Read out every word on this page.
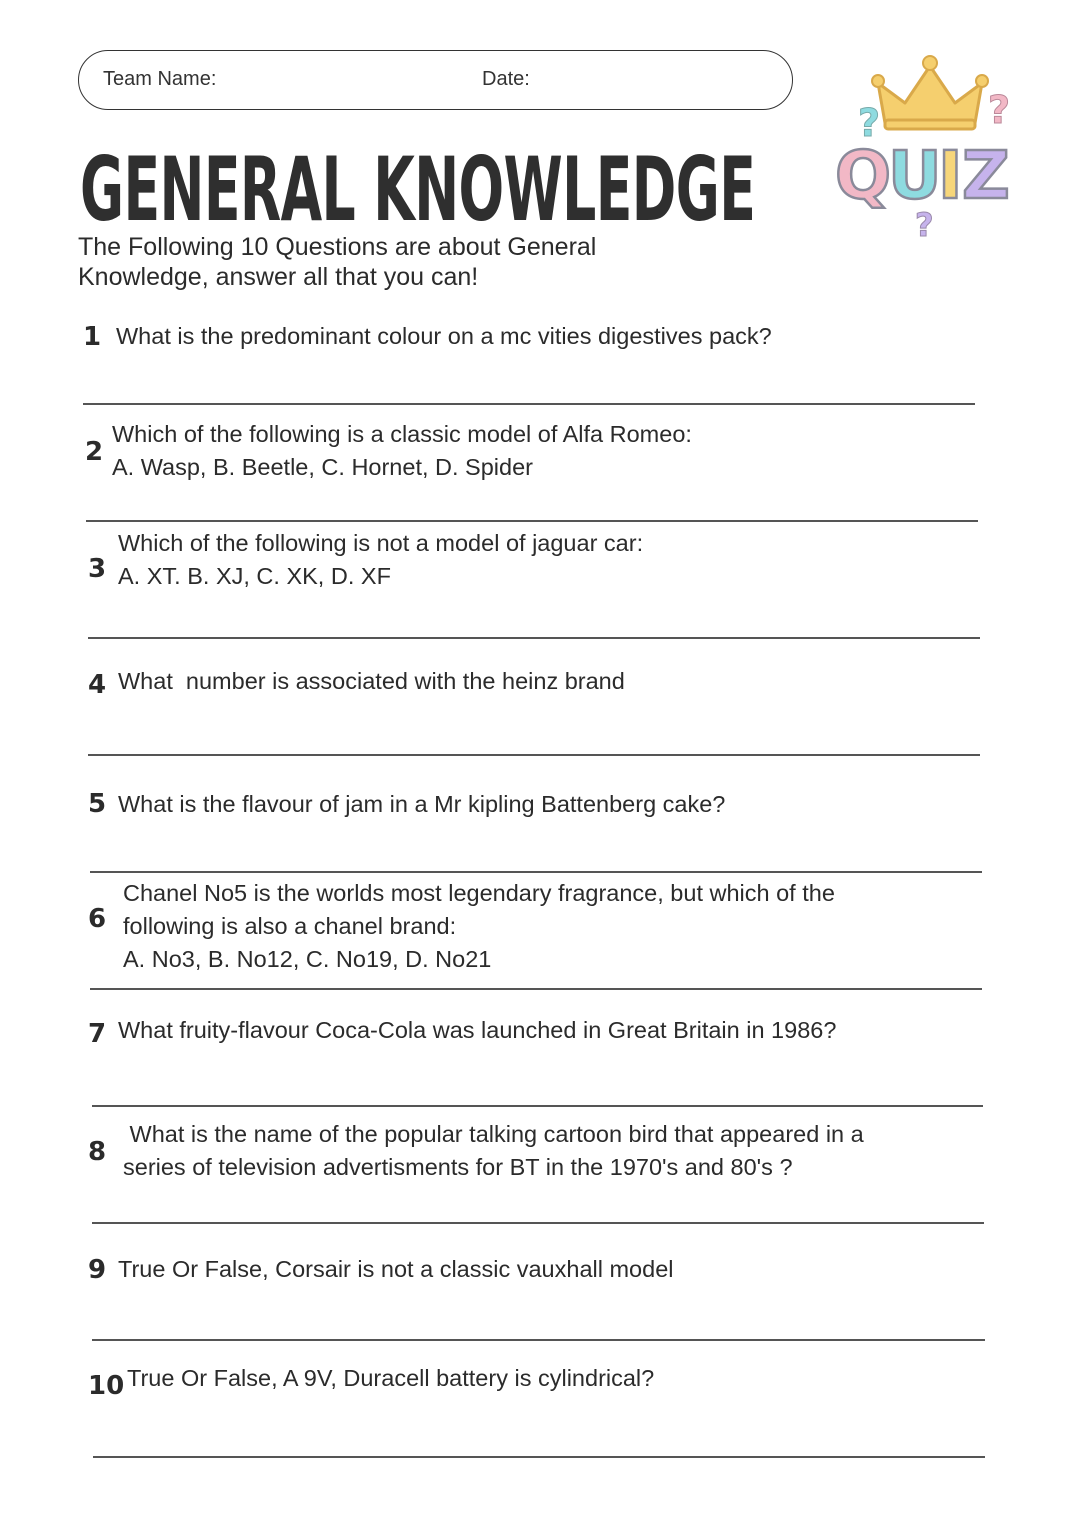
Team Name:	Date:
GENERAL KNOWLEDGE
The Following 10 Questions are about General Knowledge, answer all that you can!
?	?
?
Q
U
I Z
1 What is the predominant colour on a mc vities digestives pack?
2
Which of the following is a classic model of Alfa Romeo:
A. Wasp, B. Beetle, C. Hornet, D. Spider
3
Which of the following is not a model of jaguar car:
A. XT. B. XJ, C. XK, D. XF
4 What  number is associated with the heinz brand
5 What is the flavour of jam in a Mr kipling Battenberg cake?
6
Chanel No5 is the worlds most legendary fragrance, but which of the
following is also a chanel brand:
A. No3, B. No12, C. No19, D. No21
7 What fruity-flavour Coca-Cola was launched in Great Britain in 1986?
8
What is the name of the popular talking cartoon bird that appeared in a
series of television advertisments for BT in the 1970's and 80's ?
9 True Or False, Corsair is not a classic vauxhall model
10 True Or False, A 9V, Duracell battery is cylindrical?
